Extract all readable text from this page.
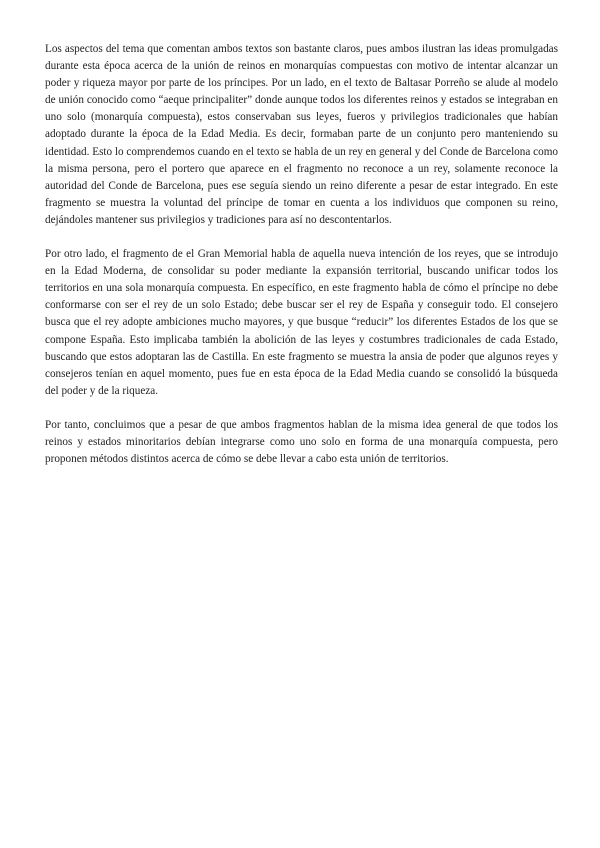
Los aspectos del tema que comentan ambos textos son bastante claros, pues ambos ilustran las ideas promulgadas durante esta época acerca de la unión de reinos en monarquías compuestas con motivo de intentar alcanzar un poder y riqueza mayor por parte de los príncipes. Por un lado, en el texto de Baltasar Porreño se alude al modelo de unión conocido como “aeque principaliter” donde aunque todos los diferentes reinos y estados se integraban en uno solo (monarquía compuesta), estos conservaban sus leyes, fueros y privilegios tradicionales que habían adoptado durante la época de la Edad Media. Es decir, formaban parte de un conjunto pero manteniendo su identidad. Esto lo comprendemos cuando en el texto se habla de un rey en general y del Conde de Barcelona como la misma persona, pero el portero que aparece en el fragmento no reconoce a un rey, solamente reconoce la autoridad del Conde de Barcelona, pues ese seguía siendo un reino diferente a pesar de estar integrado. En este fragmento se muestra la voluntad del príncipe de tomar en cuenta a los individuos que componen su reino, dejándoles mantener sus privilegios y tradiciones para así no descontentarlos.

Por otro lado, el fragmento de el Gran Memorial habla de aquella nueva intención de los reyes, que se introdujo en la Edad Moderna, de consolidar su poder mediante la expansión territorial, buscando unificar todos los territorios en una sola monarquía compuesta. En específico, en este fragmento habla de cómo el príncipe no debe conformarse con ser el rey de un solo Estado; debe buscar ser el rey de España y conseguir todo. El consejero busca que el rey adopte ambiciones mucho mayores, y que busque “reducir” los diferentes Estados de los que se compone España. Esto implicaba también la abolición de las leyes y costumbres tradicionales de cada Estado, buscando que estos adoptaran las de Castilla. En este fragmento se muestra la ansia de poder que algunos reyes y consejeros tenían en aquel momento, pues fue en esta época de la Edad Media cuando se consolidó la búsqueda del poder y de la riqueza.

Por tanto, concluimos que a pesar de que ambos fragmentos hablan de la misma idea general de que todos los reinos y estados minoritarios debían integrarse como uno solo en forma de una monarquía compuesta, pero proponen métodos distintos acerca de cómo se debe llevar a cabo esta unión de territorios.
